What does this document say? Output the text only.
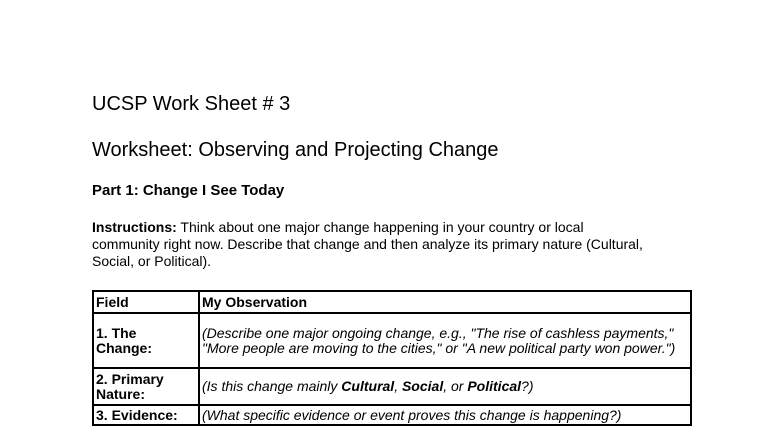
UCSP Work Sheet # 3
Worksheet: Observing and Projecting Change
Part 1: Change I See Today

Instructions: Think about one major change happening in your country or local community right now. Describe that change and then analyze its primary nature (Cultural, Social, or Political).

Field	My Observation
1. The Change:	(Describe one major ongoing change, e.g., "The rise of cashless payments," "More people are moving to the cities," or "A new political party won power.")
2. Primary Nature:	(Is this change mainly Cultural, Social, or Political?)
3. Evidence:	(What specific evidence or event proves this change is happening?)
